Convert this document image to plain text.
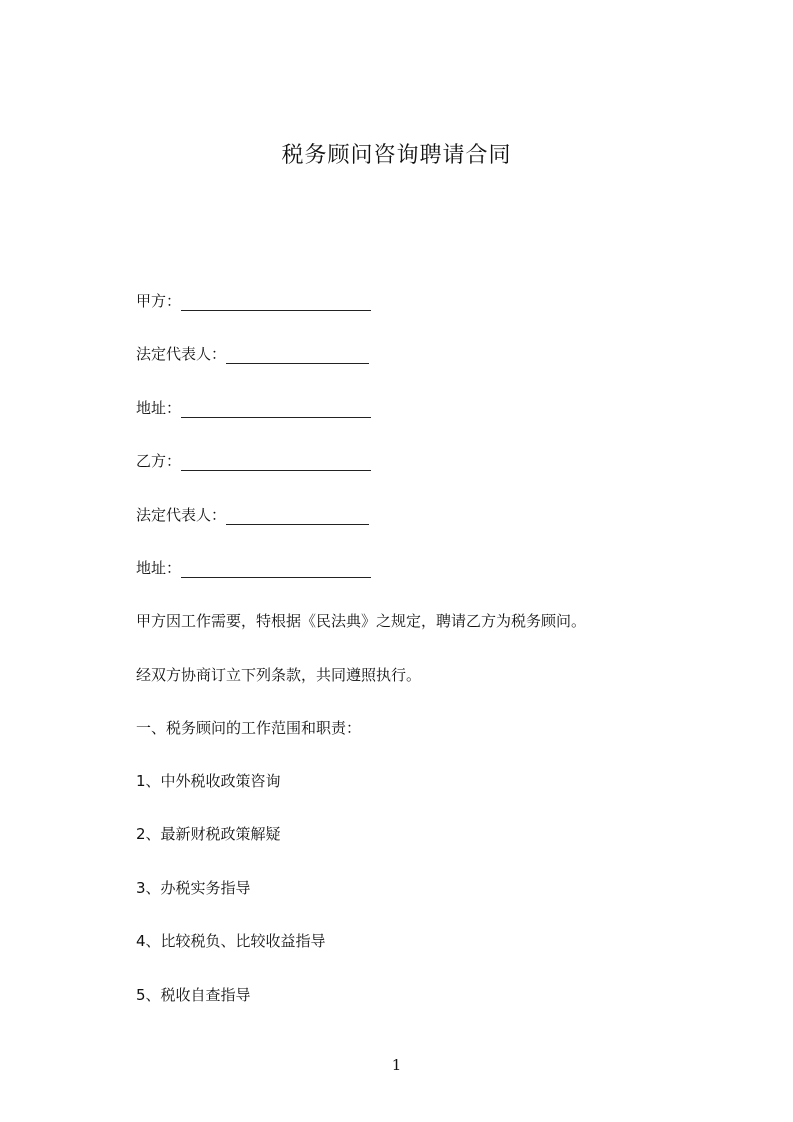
税务顾问咨询聘请合同
甲方：
法定代表人：
地址：
乙方：
法定代表人：
地址：
甲方因工作需要，特根据《民法典》之规定，聘请乙方为税务顾问。
经双方协商订立下列条款，共同遵照执行。
一、税务顾问的工作范围和职责：
1、中外税收政策咨询
2、最新财税政策解疑
3、办税实务指导
4、比较税负、比较收益指导
5、税收自查指导
1
